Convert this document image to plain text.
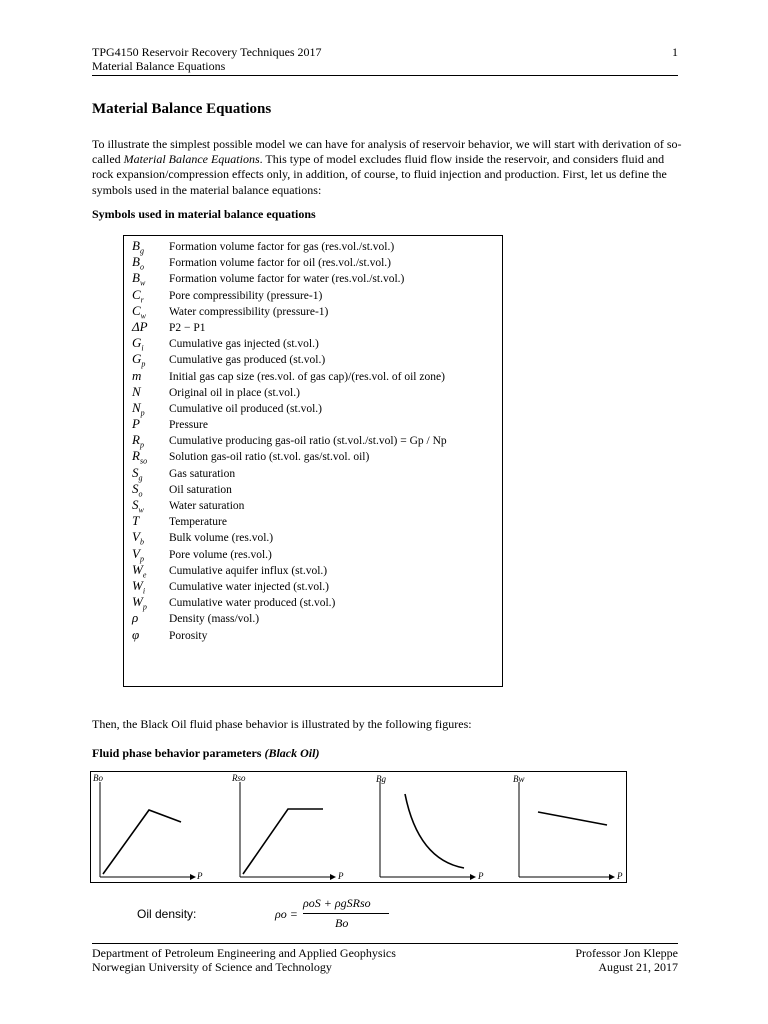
TPG4150 Reservoir Recovery Techniques 2017
Material Balance Equations
1
Material Balance Equations

To illustrate the simplest possible model we can have for analysis of reservoir behavior, we will start with derivation of so-called Material Balance Equations. This type of model excludes fluid flow inside the reservoir, and considers fluid and rock expansion/compression effects only, in addition, of course, to fluid injection and production. First, let us define the symbols used in the material balance equations:

Symbols used in material balance equations
$B_g$	Formation volume factor for gas (res.vol./st.vol.)
$B_o$	Formation volume factor for oil (res.vol./st.vol.)
$B_w$	Formation volume factor for water (res.vol./st.vol.)
$C_r$	Pore compressibility (pressure-1)
$C_w$	Water compressibility (pressure-1)
ΔP	P2 − P1
$G_i$	Cumulative gas injected (st.vol.)
$G_p$	Cumulative gas produced (st.vol.)
m	Initial gas cap size (res.vol. of gas cap)/(res.vol. of oil zone)
N	Original oil in place (st.vol.)
$N_p$	Cumulative oil produced (st.vol.)
P	Pressure
$R_p$	Cumulative producing gas-oil ratio (st.vol./st.vol) = Gp / Np
$R_{so}$	Solution gas-oil ratio (st.vol. gas/st.vol. oil)
$S_g$	Gas saturation
$S_o$	Oil saturation
$S_w$	Water saturation
T	Temperature
$V_b$	Bulk volume (res.vol.)
$V_p$	Pore volume (res.vol.)
$W_e$	Cumulative aquifer influx (st.vol.)
$W_i$	Cumulative water injected (st.vol.)
$W_p$	Cumulative water produced (st.vol.)
ρ	Density (mass/vol.)
φ	Porosity
Then, the Black Oil fluid phase behavior is illustrated by the following figures:
Fluid phase behavior parameters (Black Oil)
Bo
P
Rso
P
Bg
P
Bw
P
Oil density:	ρo =
ρoS + ρgSRso
Bo
Department of Petroleum Engineering and Applied Geophysics
Norwegian University of Science and Technology
Professor Jon Kleppe
August 21, 2017
